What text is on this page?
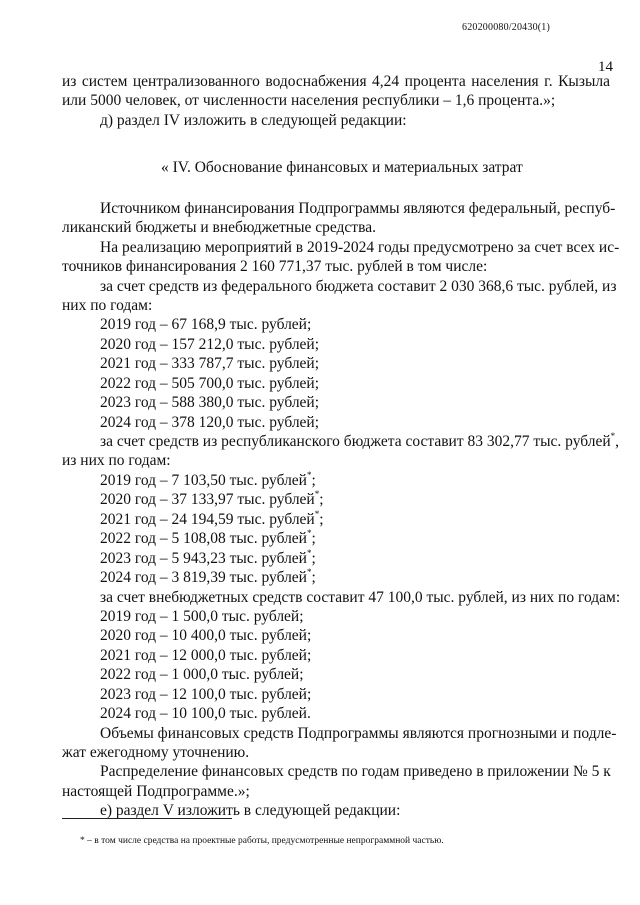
620200080/20430(1)
14
из систем централизованного водоснабжения 4,24 процента населения г. Кызыла
или 5000 человек, от численности населения республики – 1,6 процента.»;
д) раздел IV изложить в следующей редакции:
« IV. Обоснование финансовых и материальных затрат
Источником финансирования Подпрограммы являются федеральный, респуб-
ликанский бюджеты и внебюджетные средства.
На реализацию мероприятий в 2019-2024 годы предусмотрено за счет всех ис-
точников финансирования 2 160 771,37 тыс. рублей в том числе:
за счет средств из федерального бюджета составит 2 030 368,6 тыс. рублей, из
них по годам:
2019 год – 67 168,9 тыс. рублей;
2020 год – 157 212,0 тыс. рублей;
2021 год – 333 787,7 тыс. рублей;
2022 год – 505 700,0 тыс. рублей;
2023 год – 588 380,0 тыс. рублей;
2024 год – 378 120,0 тыс. рублей;
за счет средств из республиканского бюджета составит 83 302,77 тыс. рублей*,
из них по годам:
2019 год – 7 103,50 тыс. рублей*;
2020 год – 37 133,97 тыс. рублей*;
2021 год – 24 194,59 тыс. рублей*;
2022 год – 5 108,08 тыс. рублей*;
2023 год – 5 943,23 тыс. рублей*;
2024 год – 3 819,39 тыс. рублей*;
за счет внебюджетных средств составит 47 100,0 тыс. рублей, из них по годам:
2019 год – 1 500,0 тыс. рублей;
2020 год – 10 400,0 тыс. рублей;
2021 год – 12 000,0 тыс. рублей;
2022 год – 1 000,0 тыс. рублей;
2023 год – 12 100,0 тыс. рублей;
2024 год – 10 100,0 тыс. рублей.
Объемы финансовых средств Подпрограммы являются прогнозными и подле-
жат ежегодному уточнению.
Распределение финансовых средств по годам приведено в приложении № 5 к
настоящей Подпрограмме.»;
е) раздел V изложить в следующей редакции:
* – в том числе средства на проектные работы, предусмотренные непрограммной частью.
